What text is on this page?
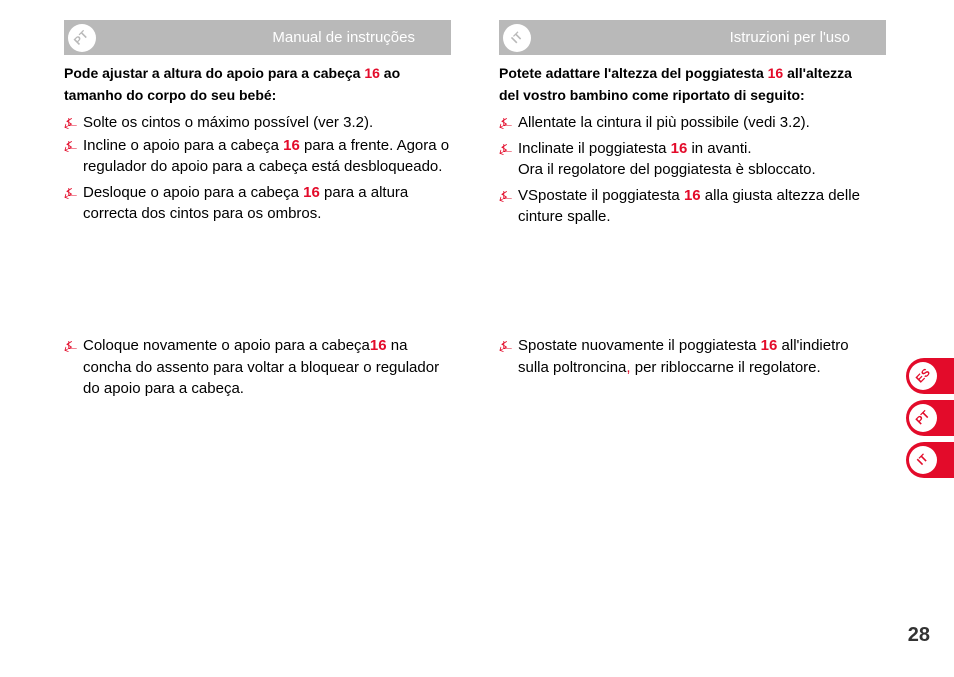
PT	Manual de instruções	IT	Istruzioni per l'uso

Pode ajustar a altura do apoio para a cabeça 16 ao tamanho do corpo do seu bebé:

⍼ Solte os cintos o máximo possível (ver 3.2).

⍼ Incline o apoio para a cabeça 16 para a frente. Agora o regulador do apoio para a cabeça está desbloqueado.

⍼ Desloque o apoio para a cabeça 16 para a altura correcta dos cintos para os ombros.

⍼ Coloque novamente o apoio para a cabeça16 na concha do assento para voltar a bloquear o regulador do apoio para a cabeça.

Potete adattare l'altezza del poggiatesta 16 all'altezza del vostro bambino come riportato di seguito:

⍼ Allentate la cintura il più possibile (vedi 3.2).

⍼ Inclinate il poggiatesta 16 in avanti.
Ora il regolatore del poggiatesta è sbloccato.

⍼ VSpostate il poggiatesta 16 alla giusta altezza delle cinture spalle.

⍼ Spostate nuovamente il poggiatesta 16 all'indietro sulla poltroncina, per ribloccarne il regolatore.	ES
PT
IT
28
